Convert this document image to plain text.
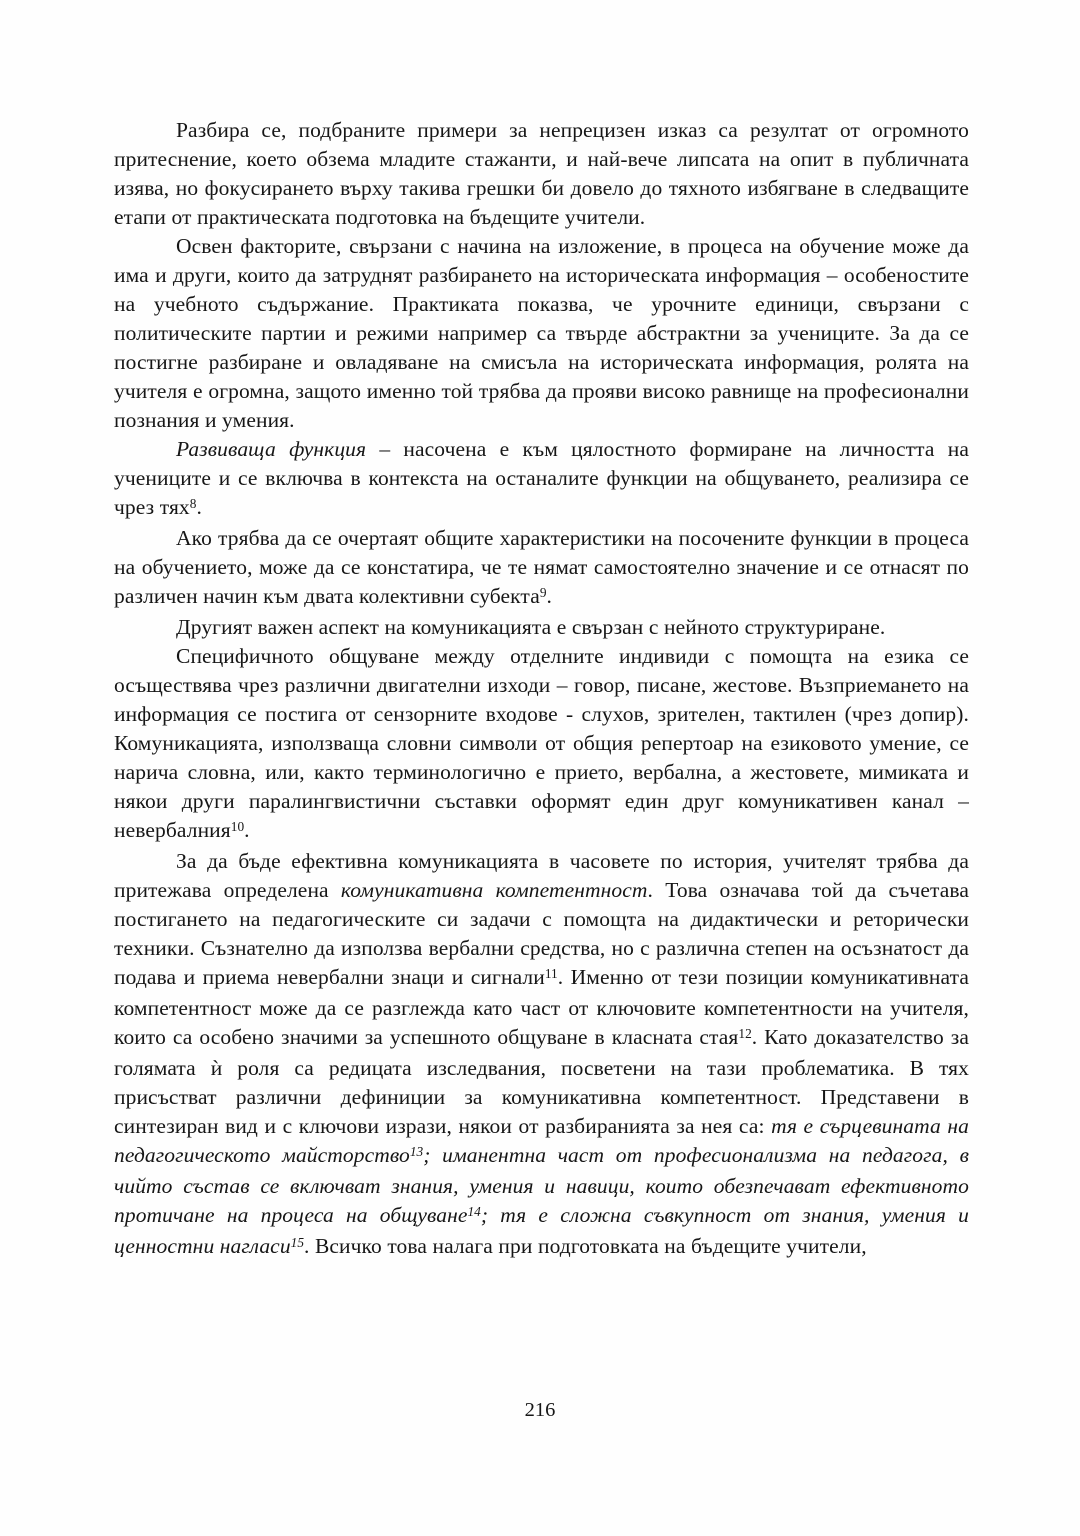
Разбира се, подбраните примери за непрецизен изказ са резултат от огромното притеснение, което обзема младите стажанти, и най-вече липсата на опит в публичната изява, но фокусирането върху такива грешки би довело до тяхното избягване в следващите етапи от практическата подготовка на бъдещите учители.

Освен факторите, свързани с начина на изложение, в процеса на обучение може да има и други, които да затруднят разбирането на историческата информация – особеностите на учебното съдържание. Практиката показва, че урочните единици, свързани с политическите партии и режими например са твърде абстрактни за учениците. За да се постигне разбиране и овладяване на смисъла на историческата информация, ролята на учителя е огромна, защото именно той трябва да прояви високо равнище на професионални познания и умения.

Развиваща функция – насочена е към цялостното формиране на личността на учениците и се включва в контекста на останалите функции на общуването, реализира се чрез тях$^8$.

Ако трябва да се очертаят общите характеристики на посочените функции в процеса на обучението, може да се констатира, че те нямат самостоятелно значение и се отнасят по различен начин към двата колективни субекта$^9$.

Другият важен аспект на комуникацията е свързан с нейното структуриране.

Специфичното общуване между отделните индивиди с помощта на езика се осъществява чрез различни двигателни изходи – говор, писане, жестове. Възприемането на информация се постига от сензорните входове - слухов, зрителен, тактилен (чрез допир). Комуникацията, използваща словни символи от общия репертоар на езиковото умение, се нарича словна, или, както терминологично е прието, вербална, а жестовете, мимиката и някои други паралингвистични съставки оформят един друг комуникативен канал – невербалния$^{10}$.

За да бъде ефективна комуникацията в часовете по история, учителят трябва да притежава определена комуникативна компетентност. Това означава той да съчетава постигането на педагогическите си задачи с помощта на дидактически и реторически техники. Съзнателно да използва вербални средства, но с различна степен на осъзнатост да подава и приема невербални знаци и сигнали$^{11}$. Именно от тези позиции комуникативната компетентност може да се разглежда като част от ключовите компетентности на учителя, които са особено значими за успешното общуване в класната стая$^{12}$. Като доказателство за голямата ѝ роля са редицата изследвания, посветени на тази проблематика. В тях присъстват различни дефиниции за комуникативна компетентност. Представени в синтезиран вид и с ключови изрази, някои от разбиранията за нея са: тя е сърцевината на педагогическото майсторство$^{13}$; иманентна част от професионализма на педагога, в чийто състав се включват знания, умения и навици, които обезпечават ефективното протичане на процеса на общуване$^{14}$; тя е сложна съвкупност от знания, умения и ценностни нагласи$^{15}$. Всичко това налага при подготовката на бъдещите учители,

216
